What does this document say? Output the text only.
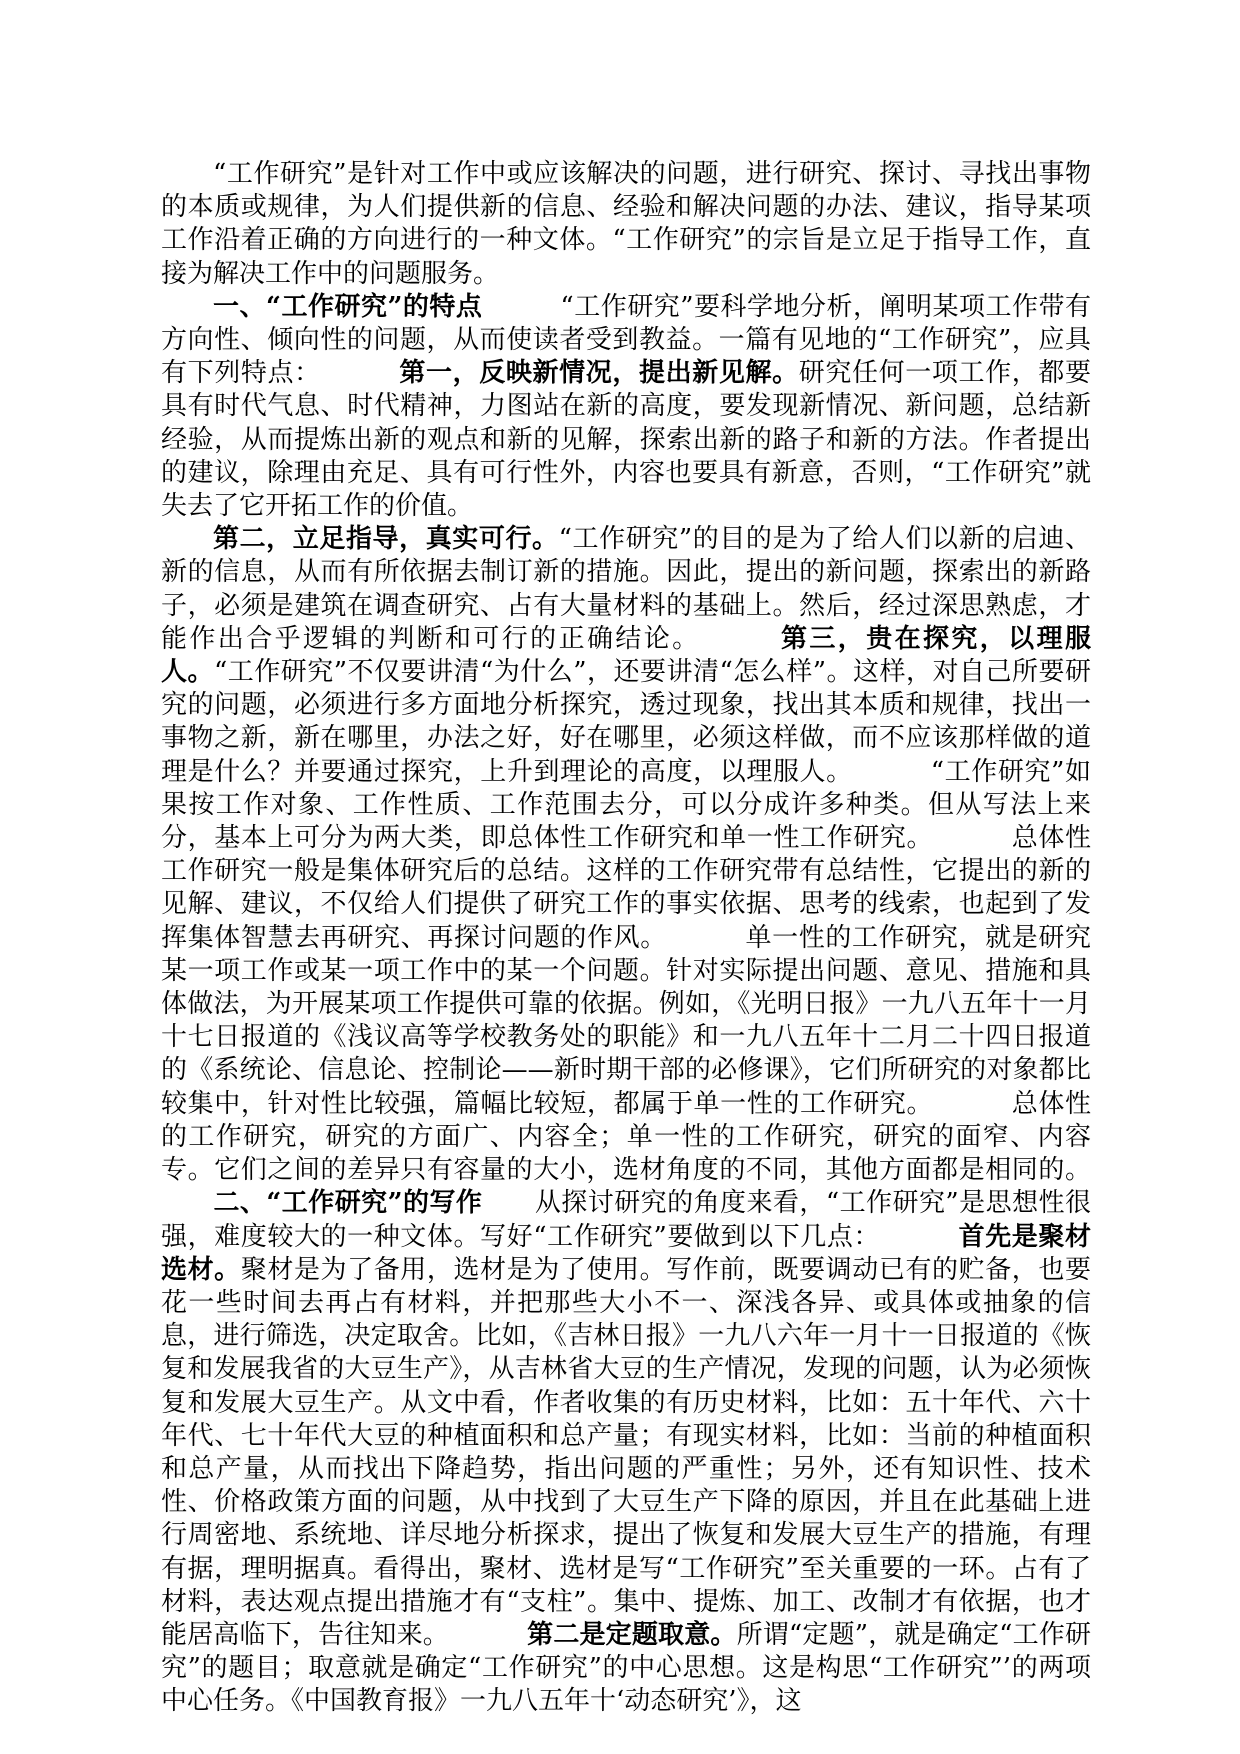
“工作研究”是针对工作中或应该解决的问题，进行研究、探讨、寻找出事物的本质或规律，为人们提供新的信息、经验和解决问题的办法、建议，指导某项工作沿着正确的方向进行的一种文体。“工作研究”的宗旨是立足于指导工作，直接为解决工作中的问题服务。

一、“工作研究”的特点	“工作研究”要科学地分析，阐明某项工作带有方向性、倾向性的问题，从而使读者受到教益。一篇有见地的“工作研究”，应具有下列特点：	第一，反映新情况，提出新见解。研究任何一项工作，都要具有时代气息、时代精神，力图站在新的高度，要发现新情况、新问题，总结新经验，从而提炼出新的观点和新的见解，探索出新的路子和新的方法。作者提出的建议，除理由充足、具有可行性外，内容也要具有新意，否则，“工作研究”就失去了它开拓工作的价值。

第二，立足指导，真实可行。“工作研究”的目的是为了给人们以新的启迪、新的信息，从而有所依据去制订新的措施。因此，提出的新问题，探索出的新路子，必须是建筑在调查研究、占有大量材料的基础上。然后，经过深思熟虑，才能作出合乎逻辑的判断和可行的正确结论。	第三，贵在探究，以理服人。“工作研究”不仅要讲清“为什么”，还要讲清“怎么样”。这样，对自己所要研究的问题，必须进行多方面地分析探究，透过现象，找出其本质和规律，找出一事物之新，新在哪里，办法之好，好在哪里，必须这样做，而不应该那样做的道理是什么？并要通过探究，上升到理论的高度，以理服人。	“工作研究”如果按工作对象、工作性质、工作范围去分，可以分成许多种类。但从写法上来分，基本上可分为两大类，即总体性工作研究和单一性工作研究。	总体性工作研究一般是集体研究后的总结。这样的工作研究带有总结性，它提出的新的见解、建议，不仅给人们提供了研究工作的事实依据、思考的线索，也起到了发挥集体智慧去再研究、再探讨问题的作风。	单一性的工作研究，就是研究某一项工作或某一项工作中的某一个问题。针对实际提出问题、意见、措施和具体做法，为开展某项工作提供可靠的依据。例如，《光明日报》一九八五年十一月十七日报道的《浅议高等学校教务处的职能》和一九八五年十二月二十四日报道的《系统论、信息论、控制论——新时期干部的必修课》，它们所研究的对象都比较集中，针对性比较强，篇幅比较短，都属于单一性的工作研究。	总体性的工作研究，研究的方面广、内容全；单一性的工作研究，研究的面窄、内容专。它们之间的差异只有容量的大小，选材角度的不同，其他方面都是相同的。二、“工作研究”的写作 从探讨研究的角度来看，“工作研究”是思想性很强，难度较大的一种文体。写好“工作研究”要做到以下几点：	首先是聚材选材。聚材是为了备用，选材是为了使用。写作前，既要调动已有的贮备，也要花一些时间去再占有材料，并把那些大小不一、深浅各异、或具体或抽象的信息，进行筛选，决定取舍。比如，《吉林日报》一九八六年一月十一日报道的《恢复和发展我省的大豆生产》，从吉林省大豆的生产情况，发现的问题，认为必须恢复和发展大豆生产。从文中看，作者收集的有历史材料，比如：五十年代、六十年代、七十年代大豆的种植面积和总产量；有现实材料，比如：当前的种植面积和总产量，从而找出下降趋势，指出问题的严重性；另外，还有知识性、技术性、价格政策方面的问题，从中找到了大豆生产下降的原因，并且在此基础上进行周密地、系统地、详尽地分析探求，提出了恢复和发展大豆生产的措施，有理有据，理明据真。看得出，聚材、选材是写“工作研究”至关重要的一环。占有了材料，表达观点提出措施才有“支柱”。集中、提炼、加工、改制才有依据，也才能居高临下，告往知来。	第二是定题取意。所谓“定题”，就是确定“工作研究”的题目；取意就是确定“工作研究”的中心思想。这是构思“工作研究”’的两项中心任务。《中国教育报》一九八五年十‘动态研究’》，这
